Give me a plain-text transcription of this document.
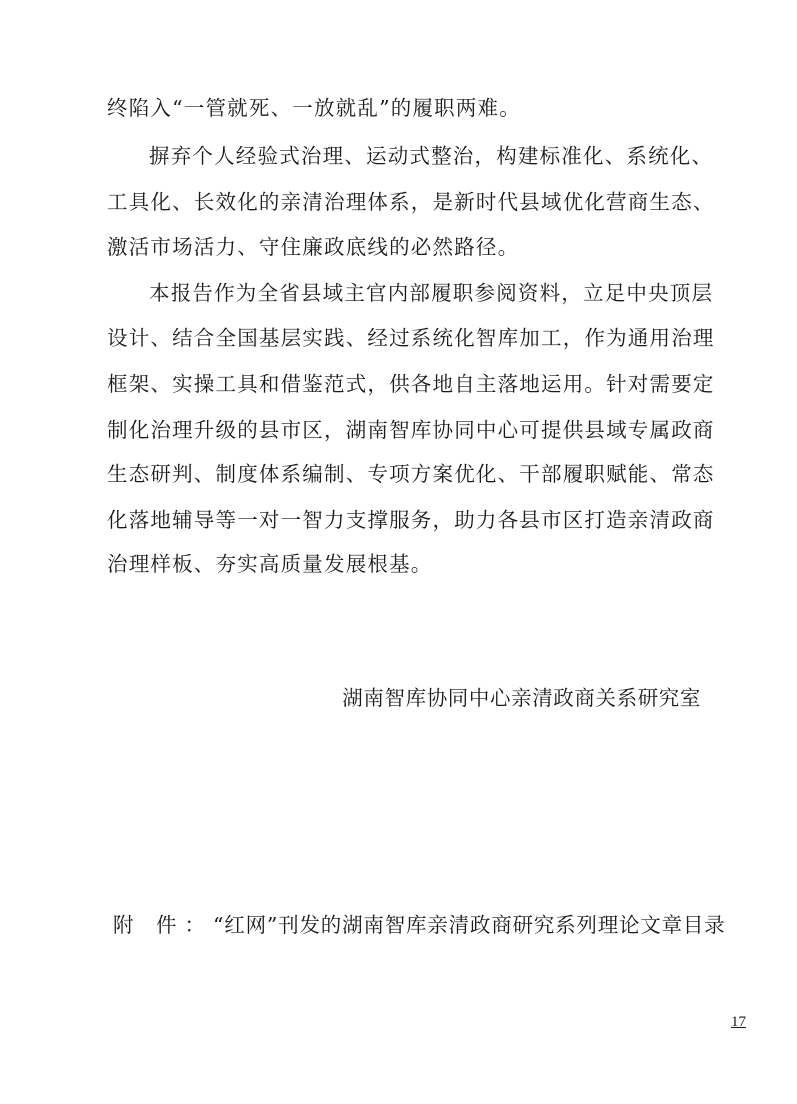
终陷入“一管就死、一放就乱”的履职两难。
摒弃个人经验式治理、运动式整治，构建标准化、系统化、
工具化、长效化的亲清治理体系，是新时代县域优化营商生态、
激活市场活力、守住廉政底线的必然路径。
本报告作为全省县域主官内部履职参阅资料，立足中央顶层
设计、结合全国基层实践、经过系统化智库加工，作为通用治理
框架、实操工具和借鉴范式，供各地自主落地运用。针对需要定
制化治理升级的县市区，湖南智库协同中心可提供县域专属政商
生态研判、制度体系编制、专项方案优化、干部履职赋能、常态
化落地辅导等一对一智力支撑服务，助力各县市区打造亲清政商
治理样板、夯实高质量发展根基。
湖南智库协同中心亲清政商关系研究室
附 件：“红网”刊发的湖南智库亲清政商研究系列理论文章目录
17
